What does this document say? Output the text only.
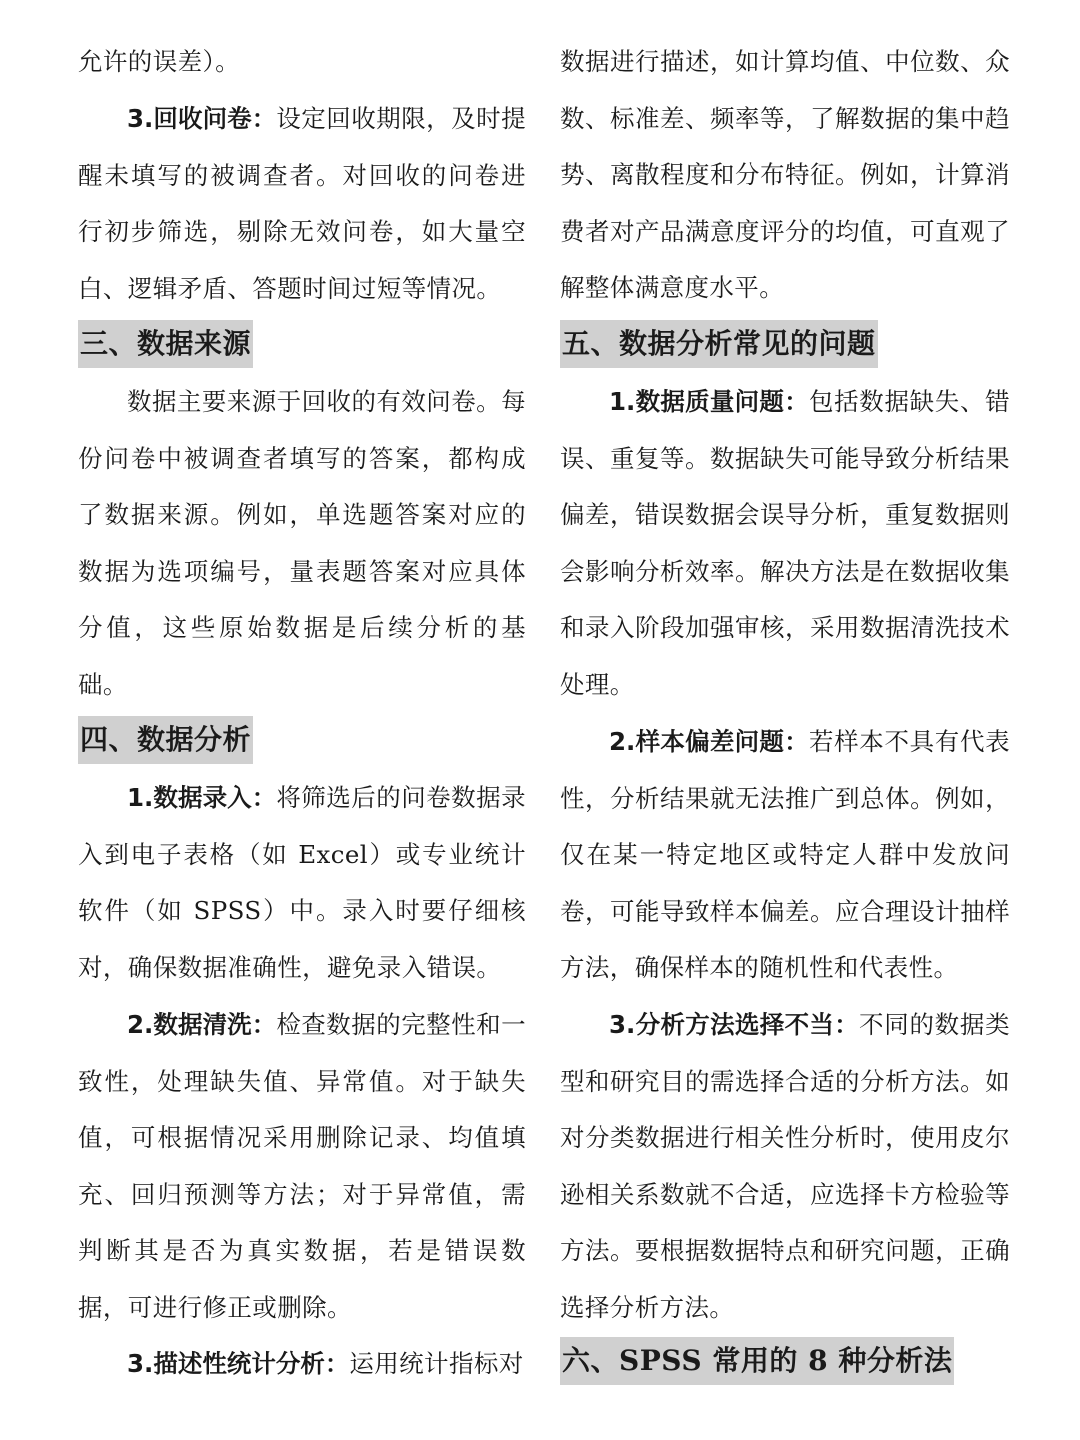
允许的误差）。

3.回收问卷：设定回收期限，及时提醒未填写的被调查者。对回收的问卷进行初步筛选，剔除无效问卷，如大量空白、逻辑矛盾、答题时间过短等情况。

三、数据来源

数据主要来源于回收的有效问卷。每份问卷中被调查者填写的答案，都构成了数据来源。例如，单选题答案对应的数据为选项编号，量表题答案对应具体分值，这些原始数据是后续分析的基础。

四、数据分析

1.数据录入：将筛选后的问卷数据录入到电子表格（如 Excel）或专业统计软件（如 SPSS）中。录入时要仔细核对，确保数据准确性，避免录入错误。

2.数据清洗：检查数据的完整性和一致性，处理缺失值、异常值。对于缺失值，可根据情况采用删除记录、均值填充、回归预测等方法；对于异常值，需判断其是否为真实数据，若是错误数据，可进行修正或删除。

3.描述性统计分析：运用统计指标对

数据进行描述，如计算均值、中位数、众数、标准差、频率等，了解数据的集中趋势、离散程度和分布特征。例如，计算消费者对产品满意度评分的均值，可直观了解整体满意度水平。

五、数据分析常见的问题

1.数据质量问题：包括数据缺失、错误、重复等。数据缺失可能导致分析结果偏差，错误数据会误导分析，重复数据则会影响分析效率。解决方法是在数据收集和录入阶段加强审核，采用数据清洗技术处理。

2.样本偏差问题：若样本不具有代表性，分析结果就无法推广到总体。例如，仅在某一特定地区或特定人群中发放问卷，可能导致样本偏差。应合理设计抽样方法，确保样本的随机性和代表性。

3.分析方法选择不当：不同的数据类型和研究目的需选择合适的分析方法。如对分类数据进行相关性分析时，使用皮尔逊相关系数就不合适，应选择卡方检验等方法。要根据数据特点和研究问题，正确选择分析方法。

六、SPSS 常用的 8 种分析法
